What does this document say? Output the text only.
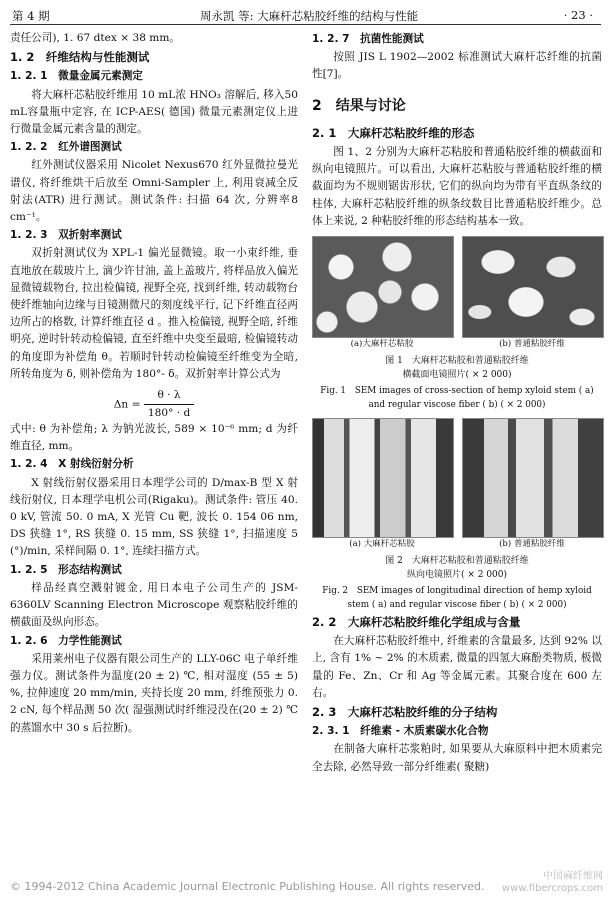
第 4 期	周永凯 等: 大麻杆芯粘胶纤维的结构与性能	· 23 ·

责任公司), 1. 67 dtex × 38 mm。

1. 2　纤维结构与性能测试
1. 2. 1　微量金属元素测定

将大麻杆芯粘胶纤维用 10 mL浓 HNO₃ 溶解后, 移入50 mL容量瓶中定容, 在 ICP-AES( 德国) 微量元素测定仪上进行微量金属元素含量的测定。

1. 2. 2　红外谱图测试

红外测试仪器采用 Nicolet Nexus670 红外显微拉曼光谱仪, 将纤维烘干后放至 Omni-Sampler 上, 利用衰减全反射法(ATR) 进行测试。测试条件: 扫描 64 次, 分辨率8 cm⁻¹。

1. 2. 3　双折射率测试

双折射测试仪为 XPL-1 偏光显微镜。取一小束纤维, 垂直地放在载玻片上, 滴少许甘油, 盖上盖玻片, 将样品放入偏光显微镜载物台, 拉出检偏镜, 视野全亮, 找到纤维, 转动载物台使纤维轴向边缘与目镜测微尺的刻度线平行, 记下纤维直径两边所占的格数, 计算纤维直径 d 。推入检偏镜, 视野全暗, 纤维明亮, 逆时针转动检偏镜, 直至纤维中央变至最暗, 检偏镜转动的角度即为补偿角 θ。若顺时针转动检偏镜至纤维变为全暗, 所转角度为 δ, 则补偿角为 180°- δ。双折射率计算公式为

$\Delta n = \frac{\theta \cdot \lambda}{180^\circ \cdot d}$

式中: θ 为补偿角; λ 为钠光波长, 589 × 10⁻⁶ mm; d 为纤维直径, mm。

1. 2. 4　X 射线衍射分析

X 射线衍射仪器采用日本理学公司的 D/max-B 型 X 射线衍射仪, 日本理学电机公司(Rigaku)。测试条件: 管压 40. 0 kV, 管流 50. 0 mA, X 光管 Cu 靶, 波长 0. 154 06 nm, DS 狭缝 1°, RS 狭缝 0. 15 mm, SS 狭缝 1°, 扫描速度 5 (°)/min, 采样间隔 0. 1°, 连续扫描方式。

1. 2. 5　形态结构测试

样品经真空溅射镀金, 用日本电子公司生产的 JSM-6360LV Scanning Electron Microscope 观察粘胶纤维的横截面及纵向形态。

1. 2. 6　力学性能测试

采用莱州电子仪器有限公司生产的 LLY-06C 电子单纤维强力仪。测试条件为温度(20 ± 2) ℃, 相对湿度 (55 ± 5) %, 拉伸速度 20 mm/min, 夹持长度 20 mm, 纤维预张力 0. 2 cN, 每个样品测 50 次( 湿强测试时纤维浸没在(20 ± 2) ℃的蒸馏水中 30 s 后拉断)。

1. 2. 7　抗菌性能测试

按照 JIS L 1902—2002 标准测试大麻杆芯纤维的抗菌性[7]。

2　结果与讨论
2. 1　大麻杆芯粘胶纤维的形态

图 1、2 分别为大麻杆芯粘胶和普通粘胶纤维的横截面和纵向电镜照片。可以看出, 大麻杆芯粘胶与普通粘胶纤维的横截面均为不规则锯齿形状, 它们的纵向均为带有平直纵条纹的柱体, 大麻杆芯粘胶纤维的纵条纹数目比普通粘胶纤维少。总体上来说, 2 种粘胶纤维的形态结构基本一致。

(a)大麻杆芯粘胶	(b) 普通粘胶纤维
图 1　大麻杆芯粘胶和普通粘胶纤维
横截面电镜照片( × 2 000)
Fig. 1　SEM images of cross-section of hemp xyloid stem ( a)
and regular viscose fiber ( b) ( × 2 000)
(a) 大麻杆芯粘胶	(b) 普通粘胶纤维
图 2　大麻杆芯粘胶和普通粘胶纤维
纵向电镜照片( × 2 000)
Fig. 2　SEM images of longitudinal direction of hemp xyloid
stem ( a) and regular viscose fiber ( b) ( × 2 000)
2. 2　大麻杆芯粘胶纤维化学组成与含量

在大麻杆芯粘胶纤维中, 纤维素的含量最多, 达到 92% 以上, 含有 1% ~ 2% 的木质素, 微量的四氢大麻酚类物质, 极微量的 Fe、Zn、Cr 和 Ag 等金属元素。其聚合度在 600 左右。

2. 3　大麻杆芯粘胶纤维的分子结构
2. 3. 1　纤维素 - 木质素碳水化合物

在制备大麻杆芯浆粕时, 如果要从大麻原料中把木质素完全去除, 必然导致一部分纤维素( 聚糖)

© 1994-2012 China Academic Journal Electronic Publishing House. All rights reserved.
中国麻纤维网
www.fibercrops.com
